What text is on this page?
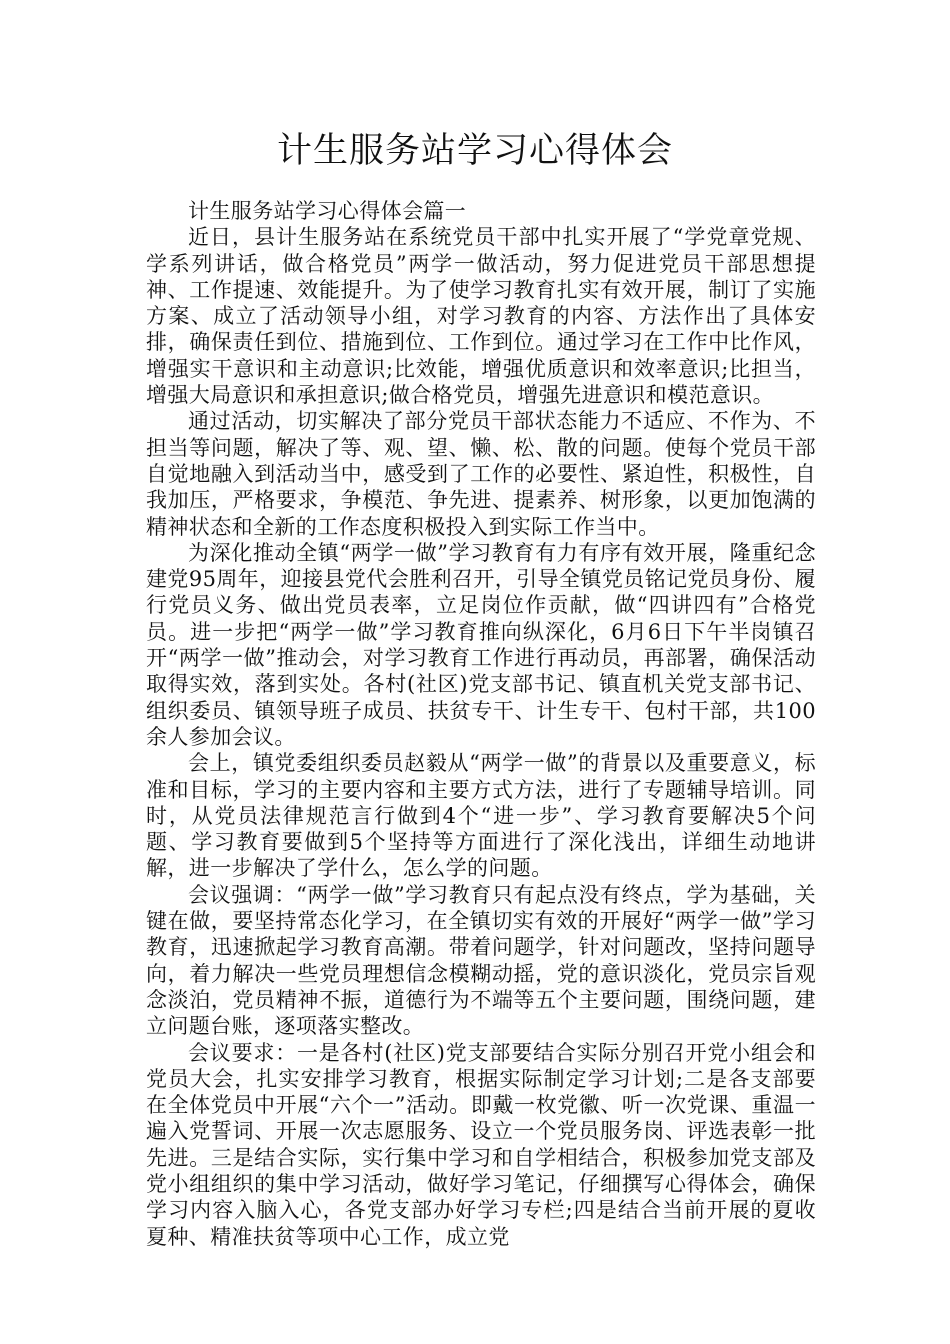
计生服务站学习心得体会

计生服务站学习心得体会篇一

近日，县计生服务站在系统党员干部中扎实开展了“学党章党规、学系列讲话，做合格党员”两学一做活动，努力促进党员干部思想提神、工作提速、效能提升。为了使学习教育扎实有效开展，制订了实施方案、成立了活动领导小组，对学习教育的内容、方法作出了具体安排，确保责任到位、措施到位、工作到位。通过学习在工作中比作风，增强实干意识和主动意识;比效能，增强优质意识和效率意识;比担当，增强大局意识和承担意识;做合格党员，增强先进意识和模范意识。

通过活动，切实解决了部分党员干部状态能力不适应、不作为、不担当等问题，解决了等、观、望、懒、松、散的问题。使每个党员干部自觉地融入到活动当中，感受到了工作的必要性、紧迫性，积极性，自我加压，严格要求，争模范、争先进、提素养、树形象，以更加饱满的精神状态和全新的工作态度积极投入到实际工作当中。

为深化推动全镇“两学一做”学习教育有力有序有效开展，隆重纪念建党95周年，迎接县党代会胜利召开，引导全镇党员铭记党员身份、履行党员义务、做出党员表率，立足岗位作贡献，做“四讲四有”合格党员。进一步把“两学一做”学习教育推向纵深化，6月6日下午半岗镇召开“两学一做”推动会，对学习教育工作进行再动员，再部署，确保活动取得实效，落到实处。各村(社区)党支部书记、镇直机关党支部书记、组织委员、镇领导班子成员、扶贫专干、计生专干、包村干部，共100余人参加会议。

会上，镇党委组织委员赵毅从“两学一做”的背景以及重要意义，标准和目标，学习的主要内容和主要方式方法，进行了专题辅导培训。同时，从党员法律规范言行做到4个“进一步”、学习教育要解决5个问题、学习教育要做到5个坚持等方面进行了深化浅出，详细生动地讲解，进一步解决了学什么，怎么学的问题。

会议强调：“两学一做”学习教育只有起点没有终点，学为基础，关键在做，要坚持常态化学习，在全镇切实有效的开展好“两学一做”学习教育，迅速掀起学习教育高潮。带着问题学，针对问题改，坚持问题导向，着力解决一些党员理想信念模糊动摇，党的意识淡化，党员宗旨观念淡泊，党员精神不振，道德行为不端等五个主要问题，围绕问题，建立问题台账，逐项落实整改。

会议要求：一是各村(社区)党支部要结合实际分别召开党小组会和党员大会，扎实安排学习教育，根据实际制定学习计划;二是各支部要在全体党员中开展“六个一”活动。即戴一枚党徽、听一次党课、重温一遍入党誓词、开展一次志愿服务、设立一个党员服务岗、评选表彰一批先进。三是结合实际，实行集中学习和自学相结合，积极参加党支部及党小组组织的集中学习活动，做好学习笔记，仔细撰写心得体会，确保学习内容入脑入心，各党支部办好学习专栏;四是结合当前开展的夏收夏种、精准扶贫等项中心工作，成立党
